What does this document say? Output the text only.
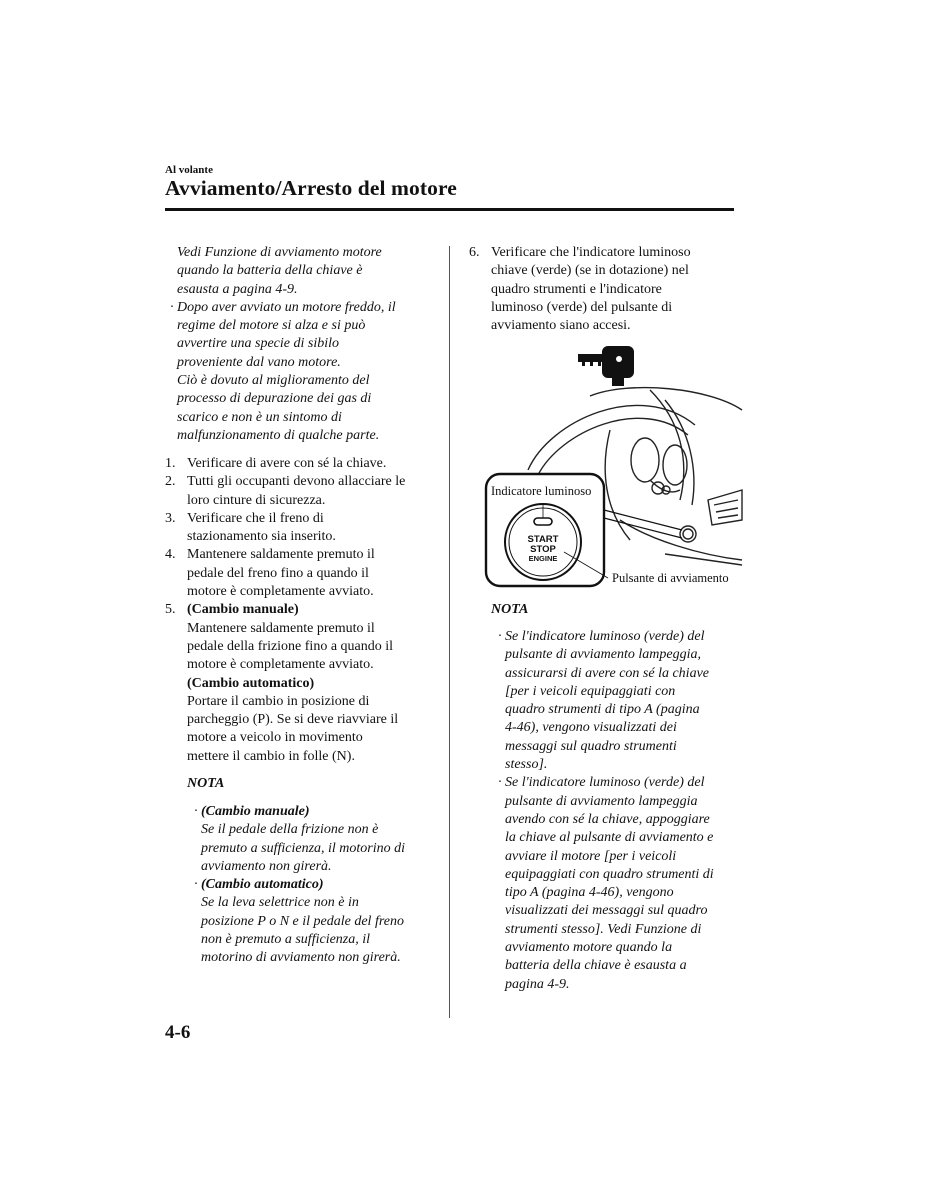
Al volante
Avviamento/Arresto del motore
Vedi Funzione di avviamento motore
quando la batteria della chiave è
esausta a pagina 4-9.
· Dopo aver avviato un motore freddo, il
regime del motore si alza e si può
avvertire una specie di sibilo
proveniente dal vano motore.
Ciò è dovuto al miglioramento del
processo di depurazione dei gas di
scarico e non è un sintomo di
malfunzionamento di qualche parte.
1. Verificare di avere con sé la chiave.
2. Tutti gli occupanti devono allacciare le
loro cinture di sicurezza.
3. Verificare che il freno di
stazionamento sia inserito.
4. Mantenere saldamente premuto il
pedale del freno fino a quando il
motore è completamente avviato.
5. (Cambio manuale)
Mantenere saldamente premuto il
pedale della frizione fino a quando il
motore è completamente avviato.
(Cambio automatico)
Portare il cambio in posizione di
parcheggio (P). Se si deve riavviare il
motore a veicolo in movimento
mettere il cambio in folle (N).
NOTA
· (Cambio manuale)
Se il pedale della frizione non è
premuto a sufficienza, il motorino di
avviamento non girerà.
· (Cambio automatico)
Se la leva selettrice non è in
posizione P o N e il pedale del freno
non è premuto a sufficienza, il
motorino di avviamento non girerà.
6. Verificare che l'indicatore luminoso
chiave (verde) (se in dotazione) nel
quadro strumenti e l'indicatore
luminoso (verde) del pulsante di
avviamento siano accesi.
START
STOP
ENGINE
Indicatore luminoso
Pulsante di avviamento
NOTA
· Se l'indicatore luminoso (verde) del
pulsante di avviamento lampeggia,
assicurarsi di avere con sé la chiave
[per i veicoli equipaggiati con
quadro strumenti di tipo A (pagina
4-46), vengono visualizzati dei
messaggi sul quadro strumenti
stesso].
· Se l'indicatore luminoso (verde) del
pulsante di avviamento lampeggia
avendo con sé la chiave, appoggiare
la chiave al pulsante di avviamento e
avviare il motore [per i veicoli
equipaggiati con quadro strumenti di
tipo A (pagina 4-46), vengono
visualizzati dei messaggi sul quadro
strumenti stesso]. Vedi Funzione di
avviamento motore quando la
batteria della chiave è esausta a
pagina 4-9.
4-6
